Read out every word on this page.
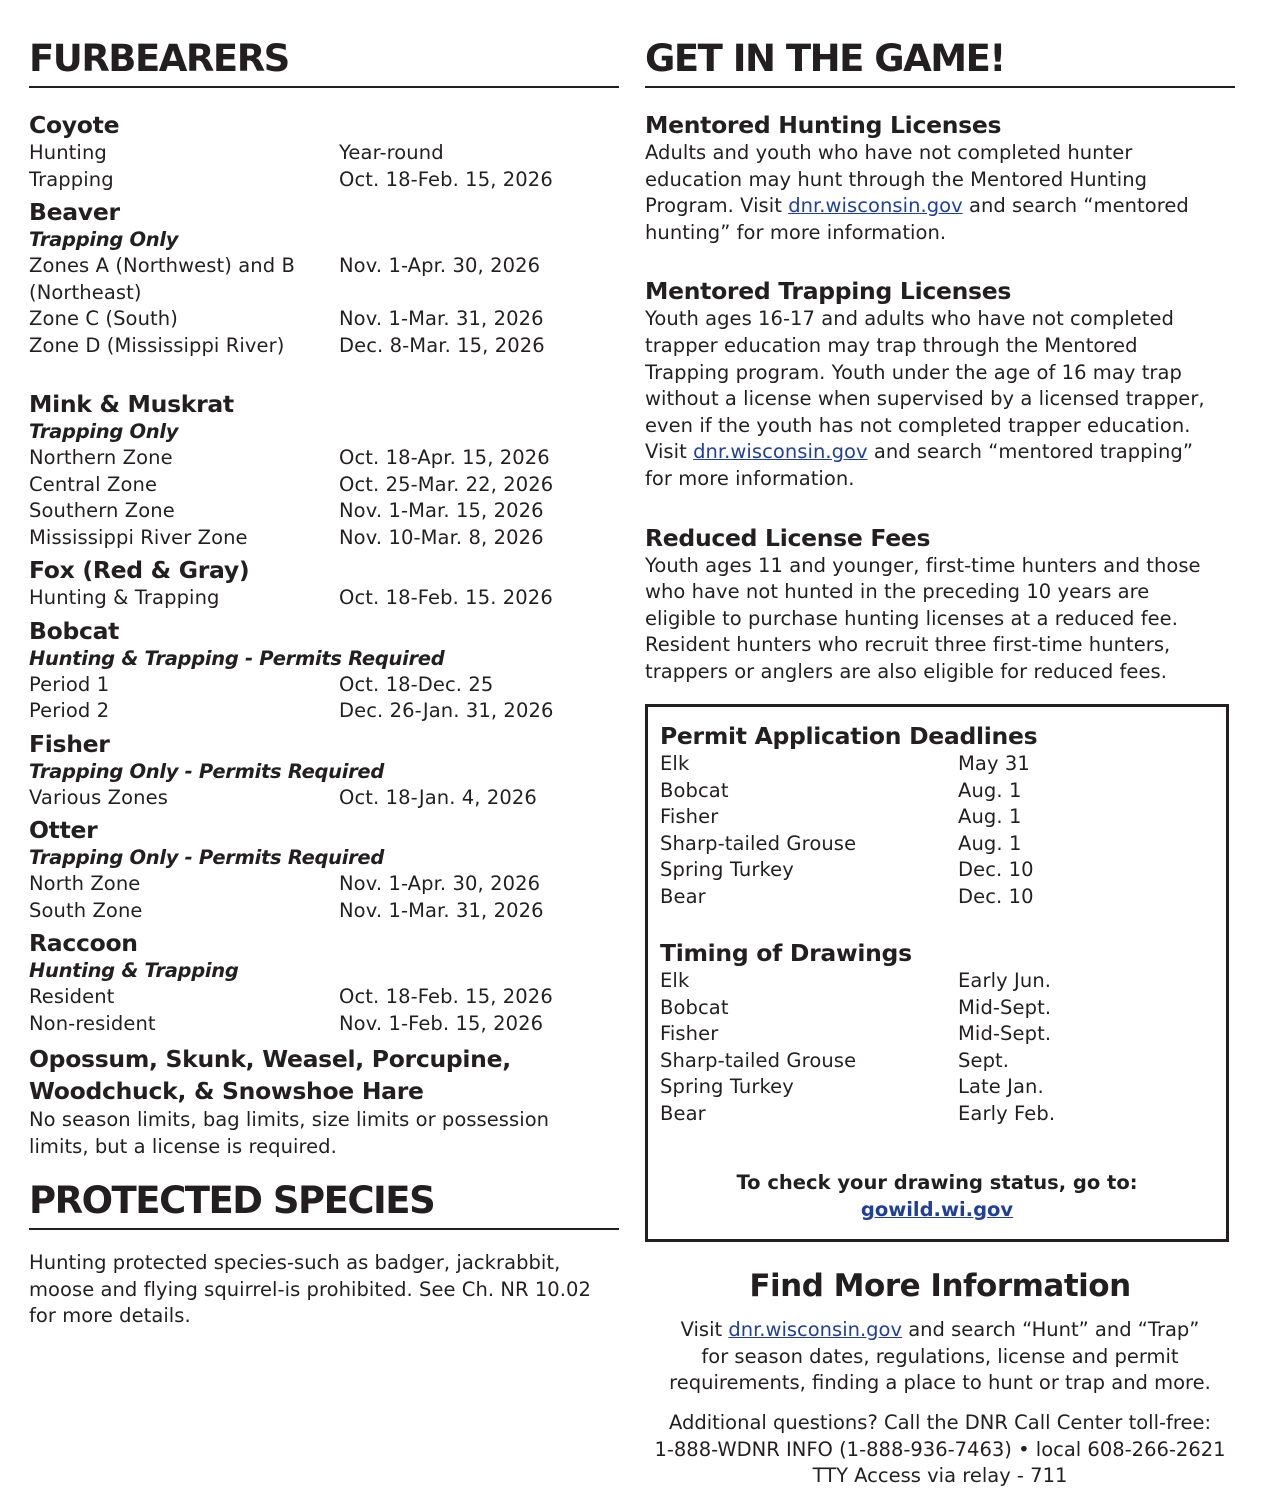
FURBEARERS
Coyote
Hunting	Year-round
Trapping	Oct. 18-Feb. 15, 2026
Beaver
Trapping Only
Zones A (Northwest) and B	Nov. 1-Apr. 30, 2026
(Northeast)
Zone C (South)	Nov. 1-Mar. 31, 2026
Zone D (Mississippi River)	Dec. 8-Mar. 15, 2026
Mink & Muskrat
Trapping Only
Northern Zone	Oct. 18-Apr. 15, 2026
Central Zone	Oct. 25-Mar. 22, 2026
Southern Zone	Nov. 1-Mar. 15, 2026
Mississippi River Zone	Nov. 10-Mar. 8, 2026
Fox (Red & Gray)
Hunting & Trapping	Oct. 18-Feb. 15. 2026
Bobcat
Hunting & Trapping - Permits Required
Period 1	Oct. 18-Dec. 25
Period 2	Dec. 26-Jan. 31, 2026
Fisher
Trapping Only - Permits Required
Various Zones	Oct. 18-Jan. 4, 2026
Otter
Trapping Only - Permits Required
North Zone	Nov. 1-Apr. 30, 2026
South Zone	Nov. 1-Mar. 31, 2026
Raccoon
Hunting & Trapping
Resident	Oct. 18-Feb. 15, 2026
Non-resident	Nov. 1-Feb. 15, 2026
Opossum, Skunk, Weasel, Porcupine,
Woodchuck, & Snowshoe Hare
No season limits, bag limits, size limits or possession
limits, but a license is required.
PROTECTED SPECIES
Hunting protected species-such as badger, jackrabbit,
moose and flying squirrel-is prohibited. See Ch. NR 10.02
for more details.
GET IN THE GAME!
Mentored Hunting Licenses
Adults and youth who have not completed hunter
education may hunt through the Mentored Hunting
Program. Visit dnr.wisconsin.gov and search “mentored
hunting” for more information.
Mentored Trapping Licenses
Youth ages 16-17 and adults who have not completed
trapper education may trap through the Mentored
Trapping program. Youth under the age of 16 may trap
without a license when supervised by a licensed trapper,
even if the youth has not completed trapper education.
Visit dnr.wisconsin.gov and search “mentored trapping”
for more information.
Reduced License Fees
Youth ages 11 and younger, first-time hunters and those
who have not hunted in the preceding 10 years are
eligible to purchase hunting licenses at a reduced fee.
Resident hunters who recruit three first-time hunters,
trappers or anglers are also eligible for reduced fees.
Permit Application Deadlines
Elk	May 31
Bobcat	Aug. 1
Fisher	Aug. 1
Sharp-tailed Grouse	Aug. 1
Spring Turkey	Dec. 10
Bear	Dec. 10
Timing of Drawings
Elk	Early Jun.
Bobcat	Mid-Sept.
Fisher	Mid-Sept.
Sharp-tailed Grouse	Sept.
Spring Turkey	Late Jan.
Bear	Early Feb.
To check your drawing status, go to:
gowild.wi.gov
Find More Information
Visit dnr.wisconsin.gov and search “Hunt” and “Trap”
for season dates, regulations, license and permit
requirements, finding a place to hunt or trap and more.
Additional questions? Call the DNR Call Center toll-free:
1-888-WDNR INFO (1-888-936-7463) • local 608-266-2621
TTY Access via relay - 711
